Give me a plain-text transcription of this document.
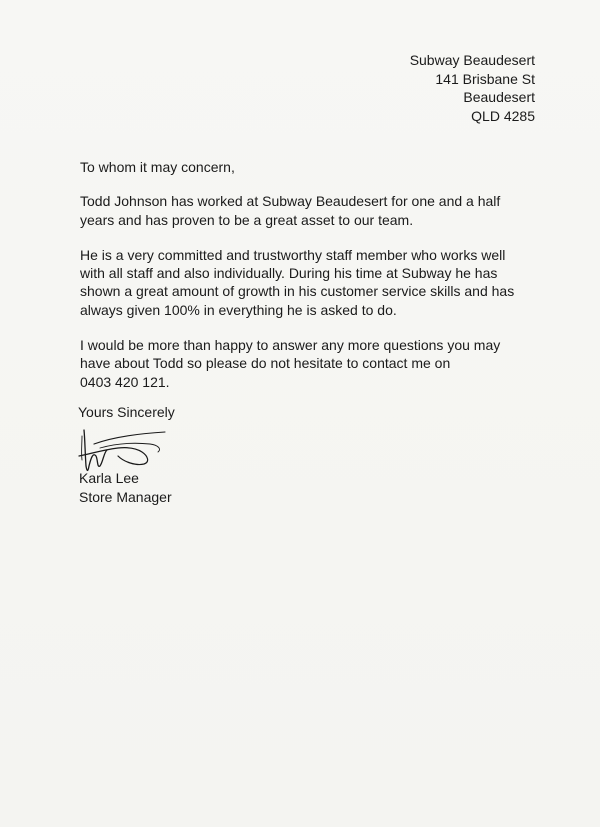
Subway Beaudesert
141 Brisbane St
Beaudesert
QLD 4285

To whom it may concern,

Todd Johnson has worked at Subway Beaudesert for one and a half
years and has proven to be a great asset to our team.

He is a very committed and trustworthy staff member who works well
with all staff and also individually. During his time at Subway he has
shown a great amount of growth in his customer service skills and has
always given 100% in everything he is asked to do.

I would be more than happy to answer any more questions you may
have about Todd so please do not hesitate to contact me on
0403 420 121.

Yours Sincerely
Karla Lee
Store Manager
